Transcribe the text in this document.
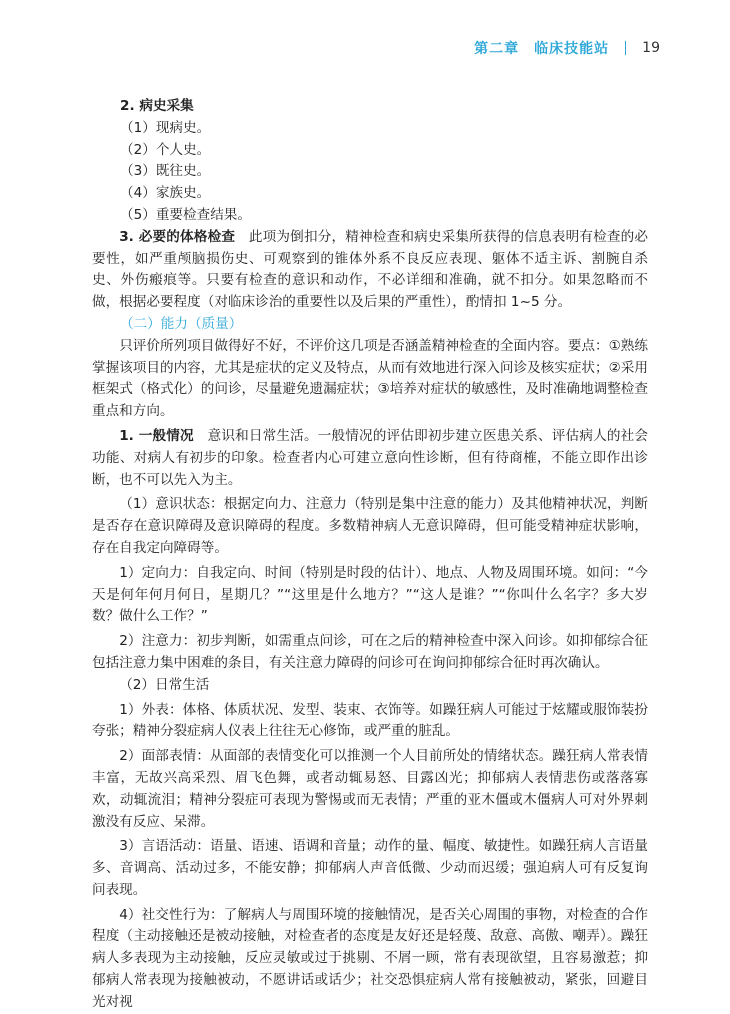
第二章　临床技能站 19

2. 病史采集

（1）现病史。

（2）个人史。

（3）既往史。

（4）家族史。

（5）重要检查结果。

3. 必要的体格检查　此项为倒扣分，精神检查和病史采集所获得的信息表明有检查的必要性，如严重颅脑损伤史、可观察到的锥体外系不良反应表现、躯体不适主诉、割腕自杀史、外伤瘢痕等。只要有检查的意识和动作，不必详细和准确，就不扣分。如果忽略而不做，根据必要程度（对临床诊治的重要性以及后果的严重性），酌情扣 1~5 分。

（二）能力（质量）

只评价所列项目做得好不好，不评价这几项是否涵盖精神检查的全面内容。要点：①熟练掌握该项目的内容，尤其是症状的定义及特点，从而有效地进行深入问诊及核实症状；②采用框架式（格式化）的问诊，尽量避免遗漏症状；③培养对症状的敏感性，及时准确地调整检查重点和方向。

1. 一般情况　意识和日常生活。一般情况的评估即初步建立医患关系、评估病人的社会功能、对病人有初步的印象。检查者内心可建立意向性诊断，但有待商榷，不能立即作出诊断，也不可以先入为主。

（1）意识状态：根据定向力、注意力（特别是集中注意的能力）及其他精神状况，判断是否存在意识障碍及意识障碍的程度。多数精神病人无意识障碍，但可能受精神症状影响，存在自我定向障碍等。

1）定向力：自我定向、时间（特别是时段的估计）、地点、人物及周围环境。如问：“今天是何年何月何日，星期几？”“这里是什么地方？”“这人是谁？”“你叫什么名字？多大岁数？做什么工作？”

2）注意力：初步判断，如需重点问诊，可在之后的精神检查中深入问诊。如抑郁综合征包括注意力集中困难的条目，有关注意力障碍的问诊可在询问抑郁综合征时再次确认。

（2）日常生活

1）外表：体格、体质状况、发型、装束、衣饰等。如躁狂病人可能过于炫耀或服饰装扮夸张；精神分裂症病人仪表上往往无心修饰，或严重的脏乱。

2）面部表情：从面部的表情变化可以推测一个人目前所处的情绪状态。躁狂病人常表情丰富，无故兴高采烈、眉飞色舞，或者动辄易怒、目露凶光；抑郁病人表情悲伤或落落寡欢，动辄流泪；精神分裂症可表现为警惕或而无表情；严重的亚木僵或木僵病人可对外界刺激没有反应、呆滞。

3）言语活动：语量、语速、语调和音量；动作的量、幅度、敏捷性。如躁狂病人言语量多、音调高、活动过多，不能安静；抑郁病人声音低微、少动而迟缓；强迫病人可有反复询问表现。

4）社交性行为：了解病人与周围环境的接触情况，是否关心周围的事物，对检查的合作程度（主动接触还是被动接触，对检查者的态度是友好还是轻蔑、敌意、高傲、嘲弄）。躁狂病人多表现为主动接触，反应灵敏或过于挑剔、不屑一顾，常有表现欲望，且容易激惹；抑郁病人常表现为接触被动，不愿讲话或话少；社交恐惧症病人常有接触被动，紧张，回避目光对视
